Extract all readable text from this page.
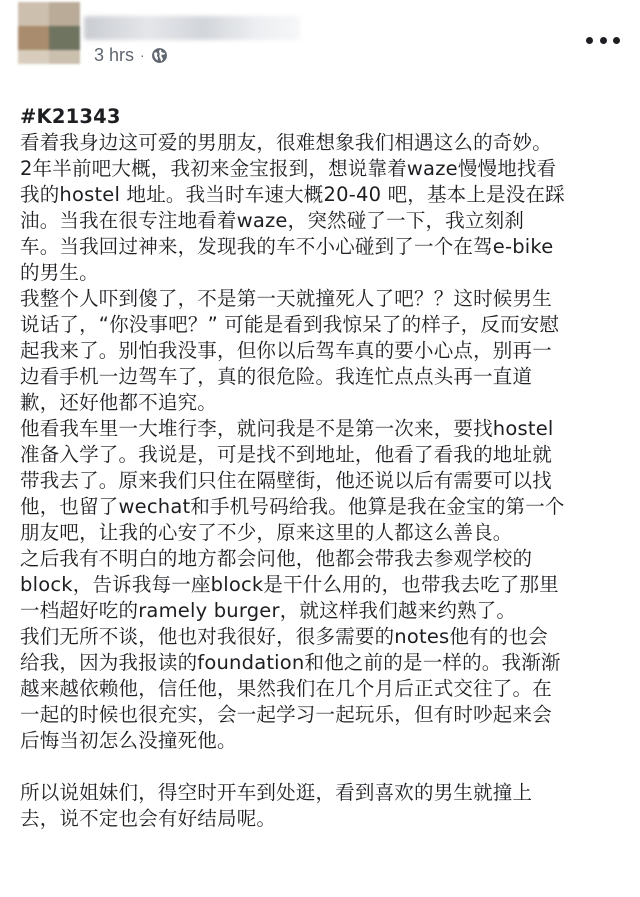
3 hrs ·
#K21343
看着我身边这可爱的男朋友，很难想象我们相遇这么的奇妙。
2年半前吧大概，我初来金宝报到，想说靠着waze慢慢地找看
我的hostel 地址。我当时车速大概20-40 吧，基本上是没在踩
油。当我在很专注地看着waze，突然碰了一下，我立刻刹
车。当我回过神来，发现我的车不小心碰到了一个在驾e-bike
的男生。
我整个人吓到傻了，不是第一天就撞死人了吧？？这时候男生
说话了，“你没事吧？” 可能是看到我惊呆了的样子，反而安慰
起我来了。别怕我没事，但你以后驾车真的要小心点，别再一
边看手机一边驾车了，真的很危险。我连忙点点头再一直道
歉，还好他都不追究。
他看我车里一大堆行李，就问我是不是第一次来，要找hostel
准备入学了。我说是，可是找不到地址，他看了看我的地址就
带我去了。原来我们只住在隔壁街，他还说以后有需要可以找
他，也留了wechat和手机号码给我。他算是我在金宝的第一个
朋友吧，让我的心安了不少，原来这里的人都这么善良。
之后我有不明白的地方都会问他，他都会带我去参观学校的
block，告诉我每一座block是干什么用的，也带我去吃了那里
一档超好吃的ramely burger，就这样我们越来约熟了。
我们无所不谈，他也对我很好，很多需要的notes他有的也会
给我，因为我报读的foundation和他之前的是一样的。我渐渐
越来越依赖他，信任他，果然我们在几个月后正式交往了。在
一起的时候也很充实，会一起学习一起玩乐，但有时吵起来会
后悔当初怎么没撞死他。
所以说姐妹们，得空时开车到处逛，看到喜欢的男生就撞上
去，说不定也会有好结局呢。
